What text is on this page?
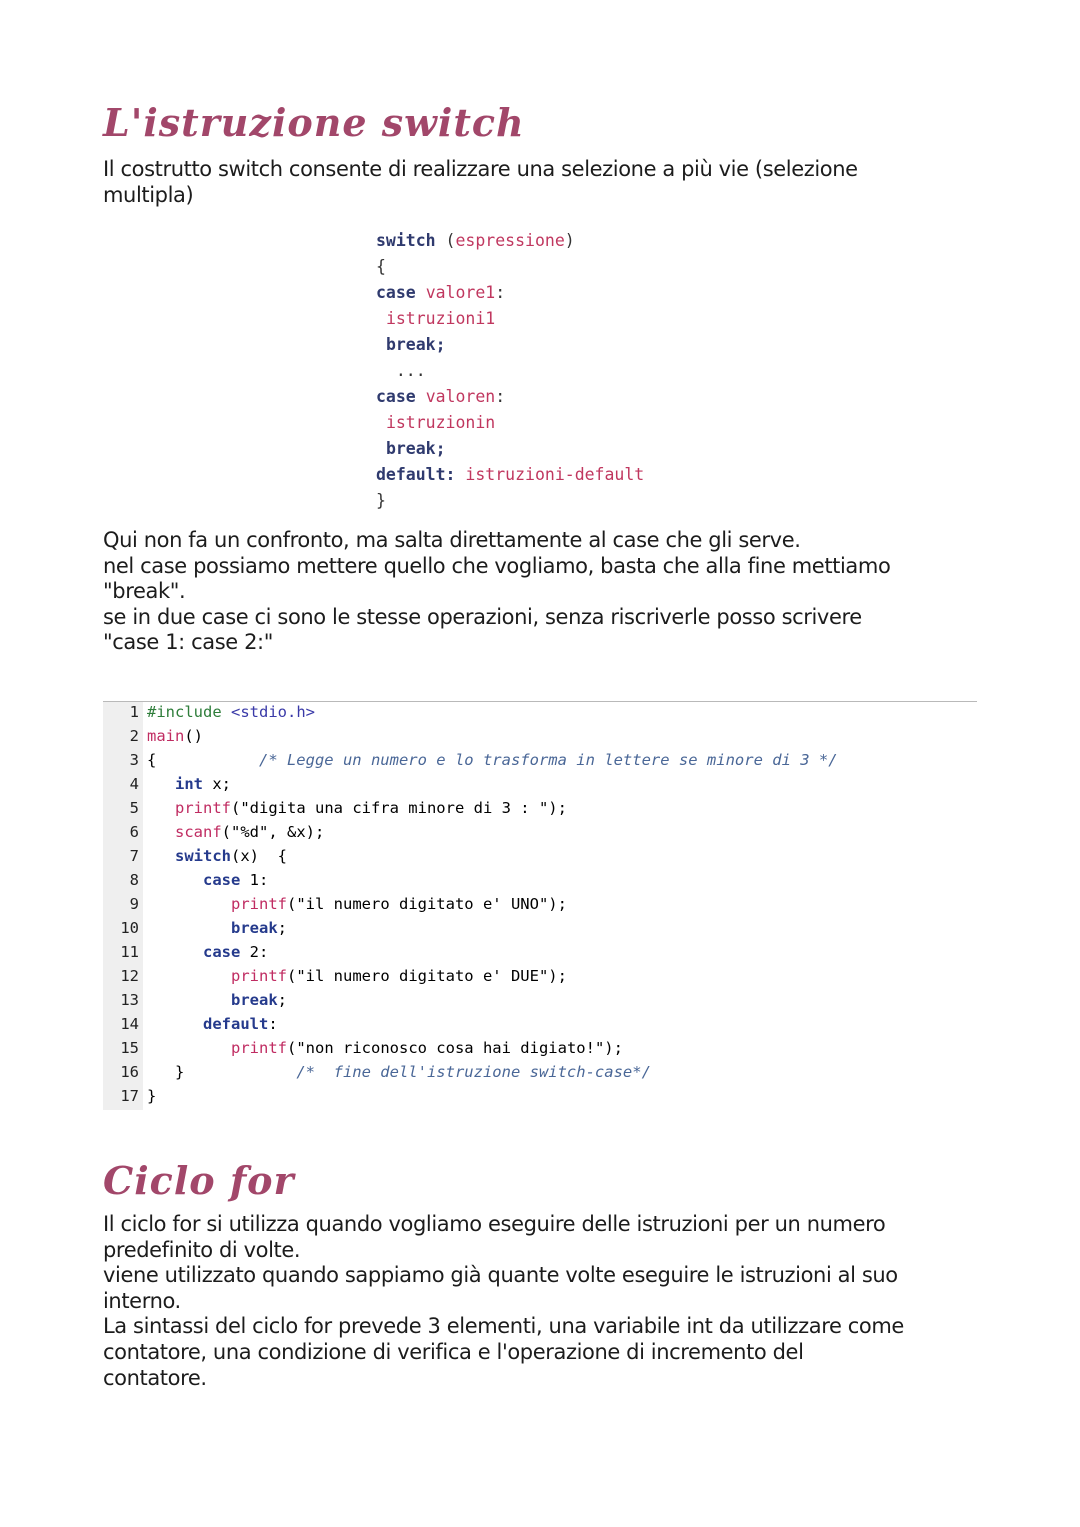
L'istruzione switch

Il costrutto switch consente di realizzare una selezione a più vie (selezione
multipla)

switch (espressione)
{
case valore1:
istruzioni1
break;
...
case valoren:
istruzionin
break;
default: istruzioni-default
}

Qui non fa un confronto, ma salta direttamente al case che gli serve.
nel case possiamo mettere quello che vogliamo, basta che alla fine mettiamo
"break".
se in due case ci sono le stesse operazioni, senza riscriverle posso scrivere
"case 1: case 2:"

1 #include <stdio.h>
2 main()
3 {           /* Legge un numero e lo trasforma in lettere se minore di 3 */
4 int x;
5 printf("digita una cifra minore di 3 : ");
6 scanf("%d", &x);
7 switch(x)  {
8	case 1:
9	printf("il numero digitato e' UNO");
10	break;
11	case 2:
12	printf("il numero digitato e' DUE");
13	break;
14	default:
15	printf("non riconosco cosa hai digiato!");
16   }            /*  fine dell'istruzione switch-case*/
17 }
Ciclo for

Il ciclo for si utilizza quando vogliamo eseguire delle istruzioni per un numero
predefinito di volte.
viene utilizzato quando sappiamo già quante volte eseguire le istruzioni al suo
interno.
La sintassi del ciclo for prevede 3 elementi, una variabile int da utilizzare come
contatore, una condizione di verifica e l'operazione di incremento del
contatore.
